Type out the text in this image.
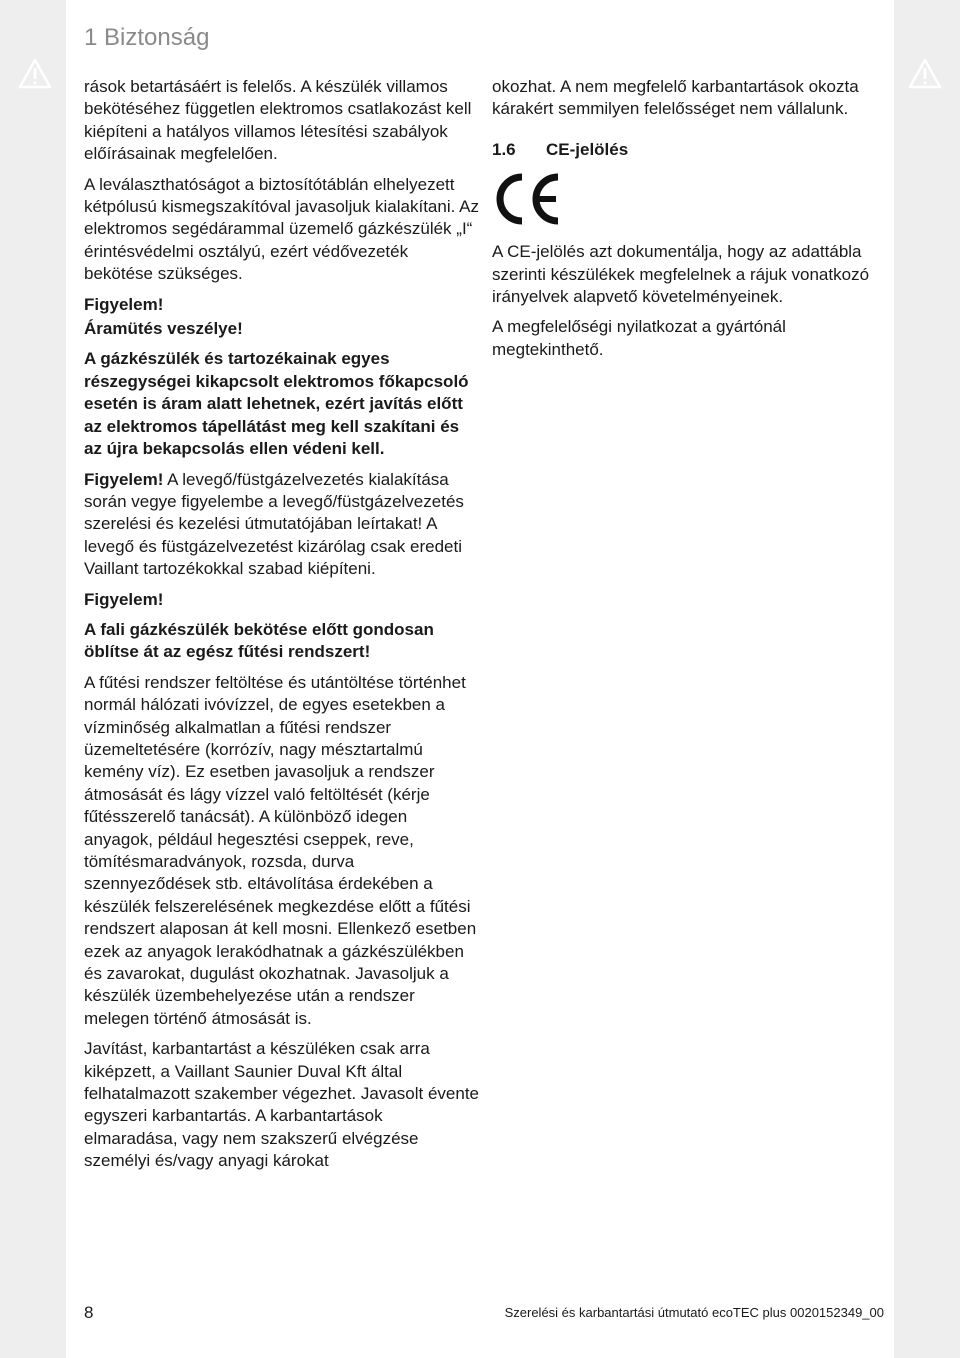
1 Biztonság

rások betartásáért is felelős. A készülék villamos bekötéséhez független elektromos csatlakozást kell kiépíteni a hatályos villamos létesítési szabályok előírásainak megfelelően.

A leválaszthatóságot a biztosítótáblán elhelyezett kétpólusú kismegszakítóval javasoljuk kialakítani. Az elektromos segédárammal üzemelő gázkészülék „I“ érintésvédelmi osztályú, ezért védővezeték bekötése szükséges.

Figyelem!

Áramütés veszélye!

A gázkészülék és tartozékainak egyes részegységei kikapcsolt elektromos főkapcsoló esetén is áram alatt lehetnek, ezért javítás előtt az elektromos tápellátást meg kell szakítani és az újra bekapcsolás ellen védeni kell.

Figyelem! A levegő/füstgázelvezetés kialakítása során vegye figyelembe a levegő/füstgázelvezetés szerelési és kezelési útmutatójában leírtakat! A levegő és füstgázelvezetést kizárólag csak eredeti Vaillant tartozékokkal szabad kiépíteni.

Figyelem!

A fali gázkészülék bekötése előtt gondosan öblítse át az egész fűtési rendszert!

A fűtési rendszer feltöltése és utántöltése történhet normál hálózati ivóvízzel, de egyes esetekben a vízminőség alkalmatlan a fűtési rendszer üzemeltetésére (korrózív, nagy mésztartalmú kemény víz). Ez esetben javasoljuk a rendszer átmosását és lágy vízzel való feltöltését (kérje fűtésszerelő tanácsát). A különböző idegen anyagok, például hegesztési cseppek, reve, tömítésmaradványok, rozsda, durva szennyeződések stb. eltávolítása érdekében a készülék felszerelésének megkezdése előtt a fűtési rendszert alaposan át kell mosni. Ellenkező esetben ezek az anyagok lerakódhatnak a gázkészülékben és zavarokat, dugulást okozhatnak. Javasoljuk a készülék üzembehelyezése után a rendszer melegen történő átmosását is.

Javítást, karbantartást a készüléken csak arra kiképzett, a Vaillant Saunier Duval Kft által felhatalmazott szakember végezhet. Javasolt évente egyszeri karbantartás. A karbantartások elmaradása, vagy nem szakszerű elvégzése személyi és/vagy anyagi károkat

okozhat. A nem megfelelő karbantartások okozta kárakért semmilyen felelősséget nem vállalunk.

1.6 CE-jelölés

A CE-jelölés azt dokumentálja, hogy az adattábla szerinti készülékek megfelelnek a rájuk vonatkozó irányelvek alapvető követelményeinek.

A megfelelőségi nyilatkozat a gyártónál megtekinthető.

8	Szerelési és karbantartási útmutató ecoTEC plus 0020152349_00
